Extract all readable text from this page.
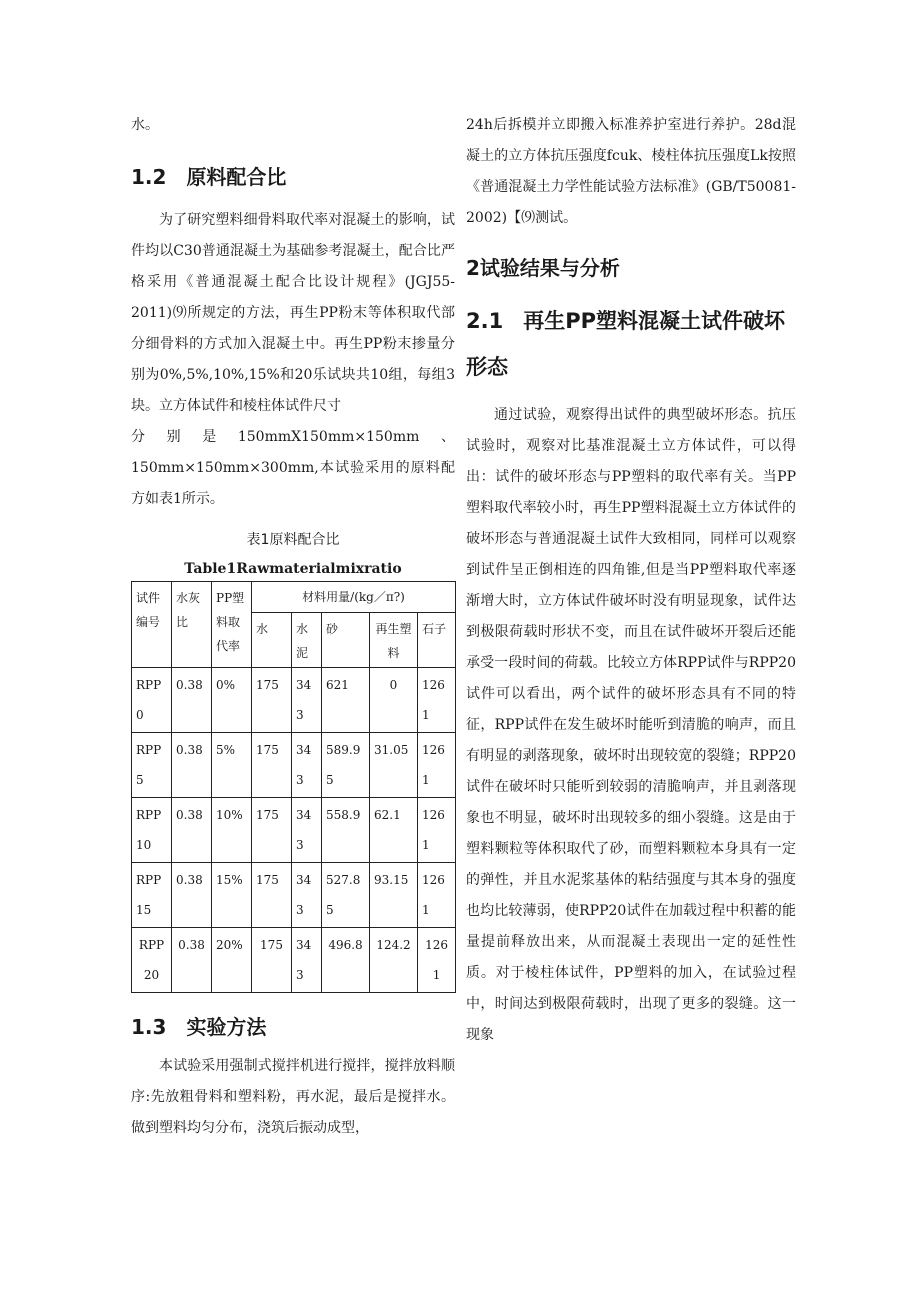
水。

1.2 原料配合比

为了研究塑料细骨料取代率对混凝土的影响，试件均以C30普通混凝土为基础参考混凝土，配合比严格采用《普通混凝土配合比设计规程》(JGJ55-2011)⑼所规定的方法，再生PP粉末等体积取代部分细骨料的方式加入混凝土中。再生PP粉末掺量分别为0%,5%,10%,15%和20乐试块共10组，每组3块。立方体试件和棱柱体试件尺寸

分别是150mmX150mm×150mm、

150mm×150mm×300mm,本试验采用的原料配方如表1所示。

表1原料配合比
Table1Rawmaterialmixratio
试件编号	水灰比	PP塑料取代率	材料用量/(kg／π?)				
			水	水泥	砂	再生塑料	石子
RPP0	0.38	0%	175	343	621	0	1261
RPP5	0.38	5%	175	343	589.95	31.05	1261
RPP10	0.38	10%	175	343	558.9	62.1	1261
RPP15	0.38	15%	175	343	527.85	93.15	1261
RPP20	0.38	20%	175	343	496.8	124.2	1261
1.3 实验方法

本试验采用强制式搅拌机进行搅拌，搅拌放料顺序:先放粗骨料和塑料粉，再水泥，最后是搅拌水。做到塑料均匀分布，浇筑后振动成型，

24h后拆模并立即搬入标准养护室进行养护。28d混凝土的立方体抗压强度fcuk、棱柱体抗压强度Lk按照《普通混凝土力学性能试验方法标准》(GB/T50081-2002)【⑼测试。

2试验结果与分析
2.1 再生PP塑料混凝土试件破坏形态

通过试验，观察得出试件的典型破坏形态。抗压试验时，观察对比基准混凝土立方体试件，可以得出：试件的破坏形态与PP塑料的取代率有关。当PP塑料取代率较小时，再生PP塑料混凝土立方体试件的破坏形态与普通混凝土试件大致相同，同样可以观察到试件呈正倒相连的四角锥,但是当PP塑料取代率逐渐增大时，立方体试件破坏时没有明显现象，试件达到极限荷载时形状不变，而且在试件破坏开裂后还能承受一段时间的荷载。比较立方体RPP试件与RPP20试件可以看出，两个试件的破坏形态具有不同的特征，RPP试件在发生破坏时能听到清脆的响声，而且有明显的剥落现象，破坏时出现较宽的裂缝；RPP20试件在破坏时只能听到较弱的清脆响声，并且剥落现象也不明显，破坏时出现较多的细小裂缝。这是由于塑料颗粒等体积取代了砂，而塑料颗粒本身具有一定的弹性，并且水泥浆基体的粘结强度与其本身的强度也均比较薄弱，使RPP20试件在加载过程中积蓄的能量提前释放出来，从而混凝土表现出一定的延性性质。对于棱柱体试件，PP塑料的加入，在试验过程中，时间达到极限荷载时，出现了更多的裂缝。这一现象
